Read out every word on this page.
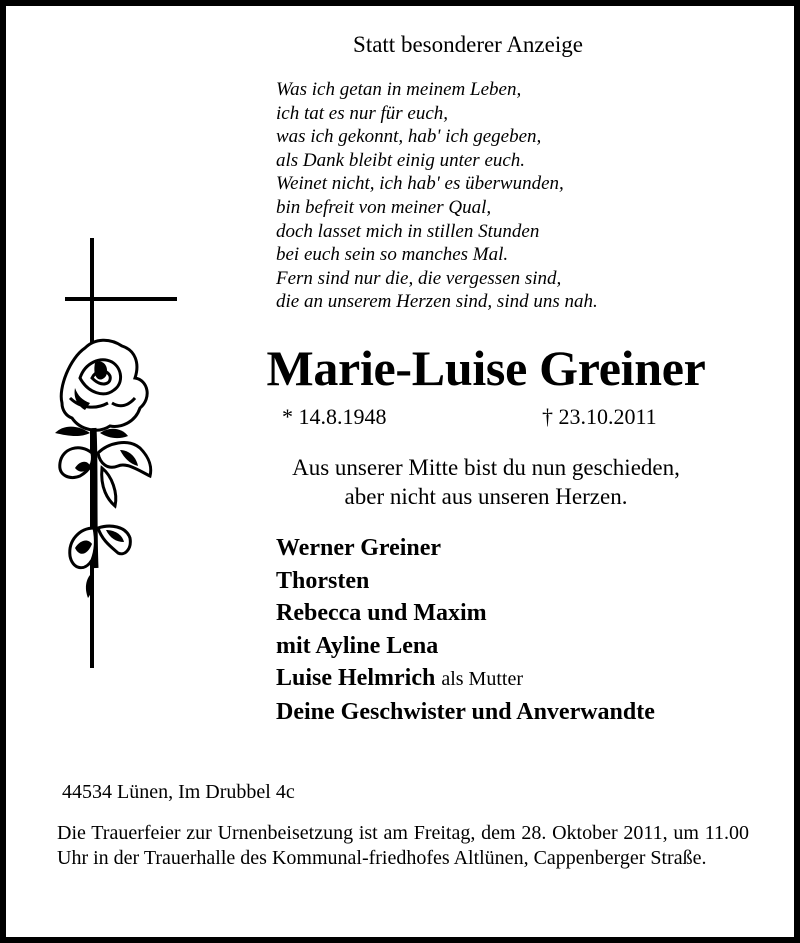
Statt besonderer Anzeige
Was ich getan in meinem Leben,
ich tat es nur für euch,
was ich gekonnt, hab' ich gegeben,
als Dank bleibt einig unter euch.
Weinet nicht, ich hab' es überwunden,
bin befreit von meiner Qual,
doch lasset mich in stillen Stunden
bei euch sein so manches Mal.
Fern sind nur die, die vergessen sind,
die an unserem Herzen sind, sind uns nah.
Marie-Luise Greiner
* 14.8.1948	† 23.10.2011
Aus unserer Mitte bist du nun geschieden,
aber nicht aus unseren Herzen.
Werner Greiner
Thorsten
Rebecca und Maxim
mit Ayline Lena
Luise Helmrich als Mutter
Deine Geschwister und Anverwandte
44534 Lünen, Im Drubbel 4c
Die Trauerfeier zur Urnenbeisetzung ist am Freitag, dem 28. Oktober 2011, um 11.00 Uhr in der Trauerhalle des Kommunal-friedhofes Altlünen, Cappenberger Straße.
